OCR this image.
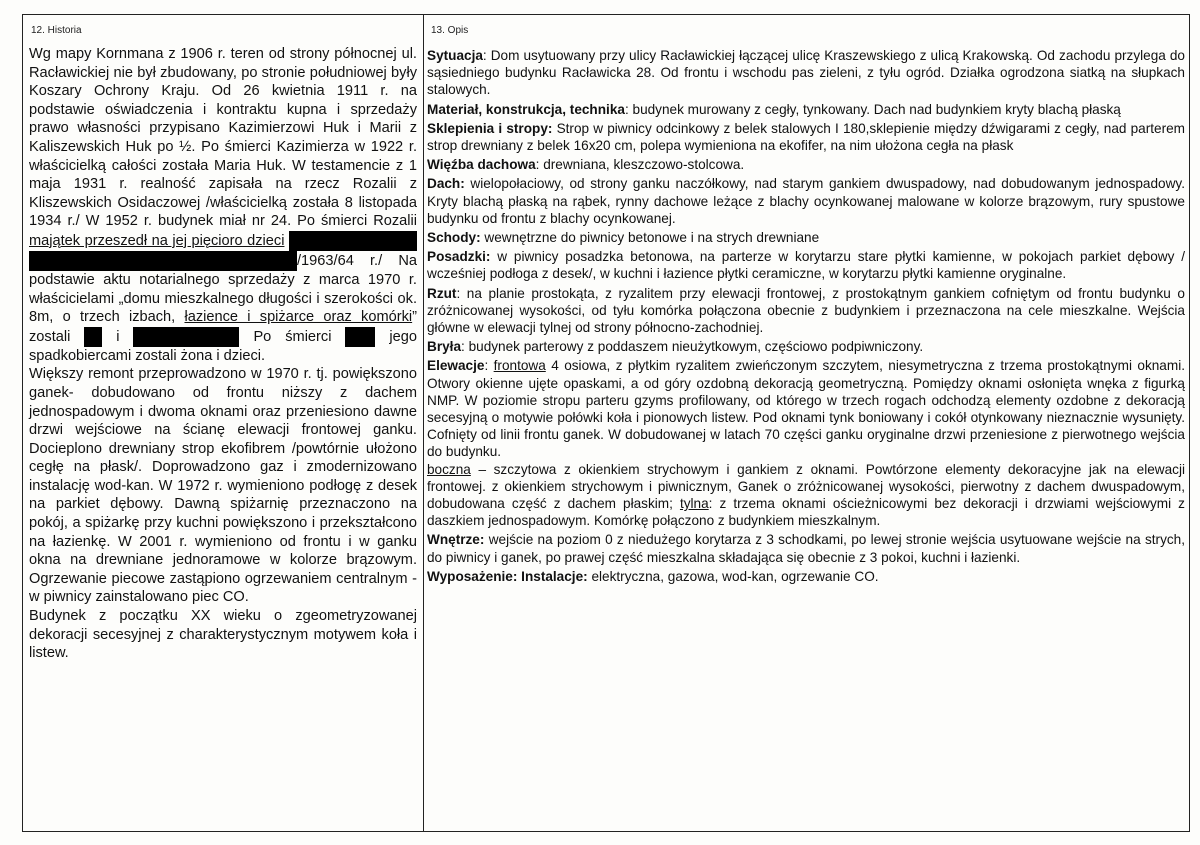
12. Historia	13. Opis

Wg mapy Kornmana z 1906 r. teren od strony północnej ul. Racławickiej nie był zbudowany, po stronie południowej były Koszary Ochrony Kraju. Od 26 kwietnia 1911 r. na podstawie oświadczenia i kontraktu kupna i sprzedaży prawo własności przypisano Kazimierzowi Huk i Marii z Kaliszewskich Huk po ½. Po śmierci Kazimierza w 1922 r. właścicielką całości została Maria Huk. W testamencie z 1 maja 1931 r. realność zapisała na rzecz Rozalii z Kliszewskich Osidaczowej /właścicielką została 8 listopada 1934 r./ W 1952 r. budynek miał nr 24. Po śmierci Rozalii majątek przeszedł na jej pięcioro dzieci  /1963/64 r./ Na podstawie aktu notarialnego sprzedaży z marca 1970 r. właścicielami „domu mieszkalnego długości i szerokości ok. 8m, o trzech izbach, łazience i spiżarce oraz komórki” zostali	i	Po śmierci	jego spadkobiercami zostali żona i dzieci.

Większy remont przeprowadzono w 1970 r. tj. powiększono ganek- dobudowano od frontu niższy z dachem jednospadowym i dwoma oknami oraz przeniesiono dawne drzwi wejściowe na ścianę elewacji frontowej ganku. Docieplono drewniany strop ekofibrem /powtórnie ułożono cegłę na płask/. Doprowadzono gaz i zmodernizowano instalację wod-kan. W 1972 r. wymieniono podłogę z desek na parkiet dębowy. Dawną spiżarnię przeznaczono na pokój, a spiżarkę przy kuchni powiększono i przekształcono na łazienkę. W 2001 r. wymieniono od frontu i w ganku okna na drewniane jednoramowe w kolorze brązowym. Ogrzewanie piecowe zastąpiono ogrzewaniem centralnym - w piwnicy zainstalowano piec CO.

Budynek z początku XX wieku o zgeometryzowanej dekoracji secesyjnej z charakterystycznym motywem koła i listew.

Sytuacja: Dom usytuowany przy ulicy Racławickiej łączącej ulicę Kraszewskiego z ulicą Krakowską. Od zachodu przylega do sąsiedniego budynku Racławicka 28. Od frontu i wschodu pas zieleni, z tyłu ogród. Działka ogrodzona siatką na słupkach stalowych.

Materiał, konstrukcja, technika: budynek murowany z cegły, tynkowany. Dach nad budynkiem kryty blachą płaską

Sklepienia i stropy: Strop w piwnicy odcinkowy z belek stalowych I 180,sklepienie między dźwigarami z cegły, nad parterem strop drewniany z belek 16x20 cm, polepa wymieniona na ekofifer, na nim ułożona cegła na płask

Więźba dachowa: drewniana, kleszczowo-stolcowa.

Dach: wielopołaciowy, od strony ganku naczółkowy, nad starym gankiem dwuspadowy, nad dobudowanym jednospadowy. Kryty blachą płaską na rąbek, rynny dachowe leżące z blachy ocynkowanej malowane w kolorze brązowym, rury spustowe budynku od frontu z blachy ocynkowanej.

Schody: wewnętrzne do piwnicy betonowe i na strych drewniane

Posadzki: w piwnicy posadzka betonowa, na parterze w korytarzu stare płytki kamienne, w pokojach parkiet dębowy / wcześniej podłoga z desek/, w kuchni i łazience płytki ceramiczne, w korytarzu płytki kamienne oryginalne.

Rzut: na planie prostokąta, z ryzalitem przy elewacji frontowej, z prostokątnym gankiem cofniętym od frontu budynku o zróżnicowanej wysokości, od tyłu komórka połączona obecnie z budynkiem i przeznaczona na cele mieszkalne. Wejścia główne w elewacji tylnej od strony północno-zachodniej.

Bryła: budynek parterowy z poddaszem nieużytkowym, częściowo podpiwniczony.

Elewacje: frontowa 4 osiowa, z płytkim ryzalitem zwieńczonym szczytem, niesymetryczna z trzema prostokątnymi oknami. Otwory okienne ujęte opaskami, a od góry ozdobną dekoracją geometryczną. Pomiędzy oknami osłonięta wnęka z figurką NMP. W poziomie stropu parteru gzyms profilowany, od którego w trzech rogach odchodzą elementy ozdobne z dekoracją secesyjną o motywie połówki koła i pionowych listew. Pod oknami tynk boniowany i cokół otynkowany nieznacznie wysunięty. Cofnięty od linii frontu ganek. W dobudowanej w latach 70 części ganku oryginalne drzwi przeniesione z pierwotnego wejścia do budynku.
boczna – szczytowa z okienkiem strychowym i gankiem z oknami. Powtórzone elementy dekoracyjne jak na elewacji frontowej. z okienkiem strychowym i piwnicznym, Ganek o zróżnicowanej wysokości, pierwotny z dachem dwuspadowym, dobudowana część z dachem płaskim; tylna: z trzema oknami ościeżnicowymi bez dekoracji i drzwiami wejściowymi z daszkiem jednospadowym. Komórkę połączono z budynkiem mieszkalnym.

Wnętrze: wejście na poziom 0 z niedużego korytarza z 3 schodkami, po lewej stronie wejścia usytuowane wejście na strych, do piwnicy i ganek, po prawej część mieszkalna składająca się obecnie z 3 pokoi, kuchni i łazienki.

Wyposażenie: Instalacje: elektryczna, gazowa, wod-kan, ogrzewanie CO.
